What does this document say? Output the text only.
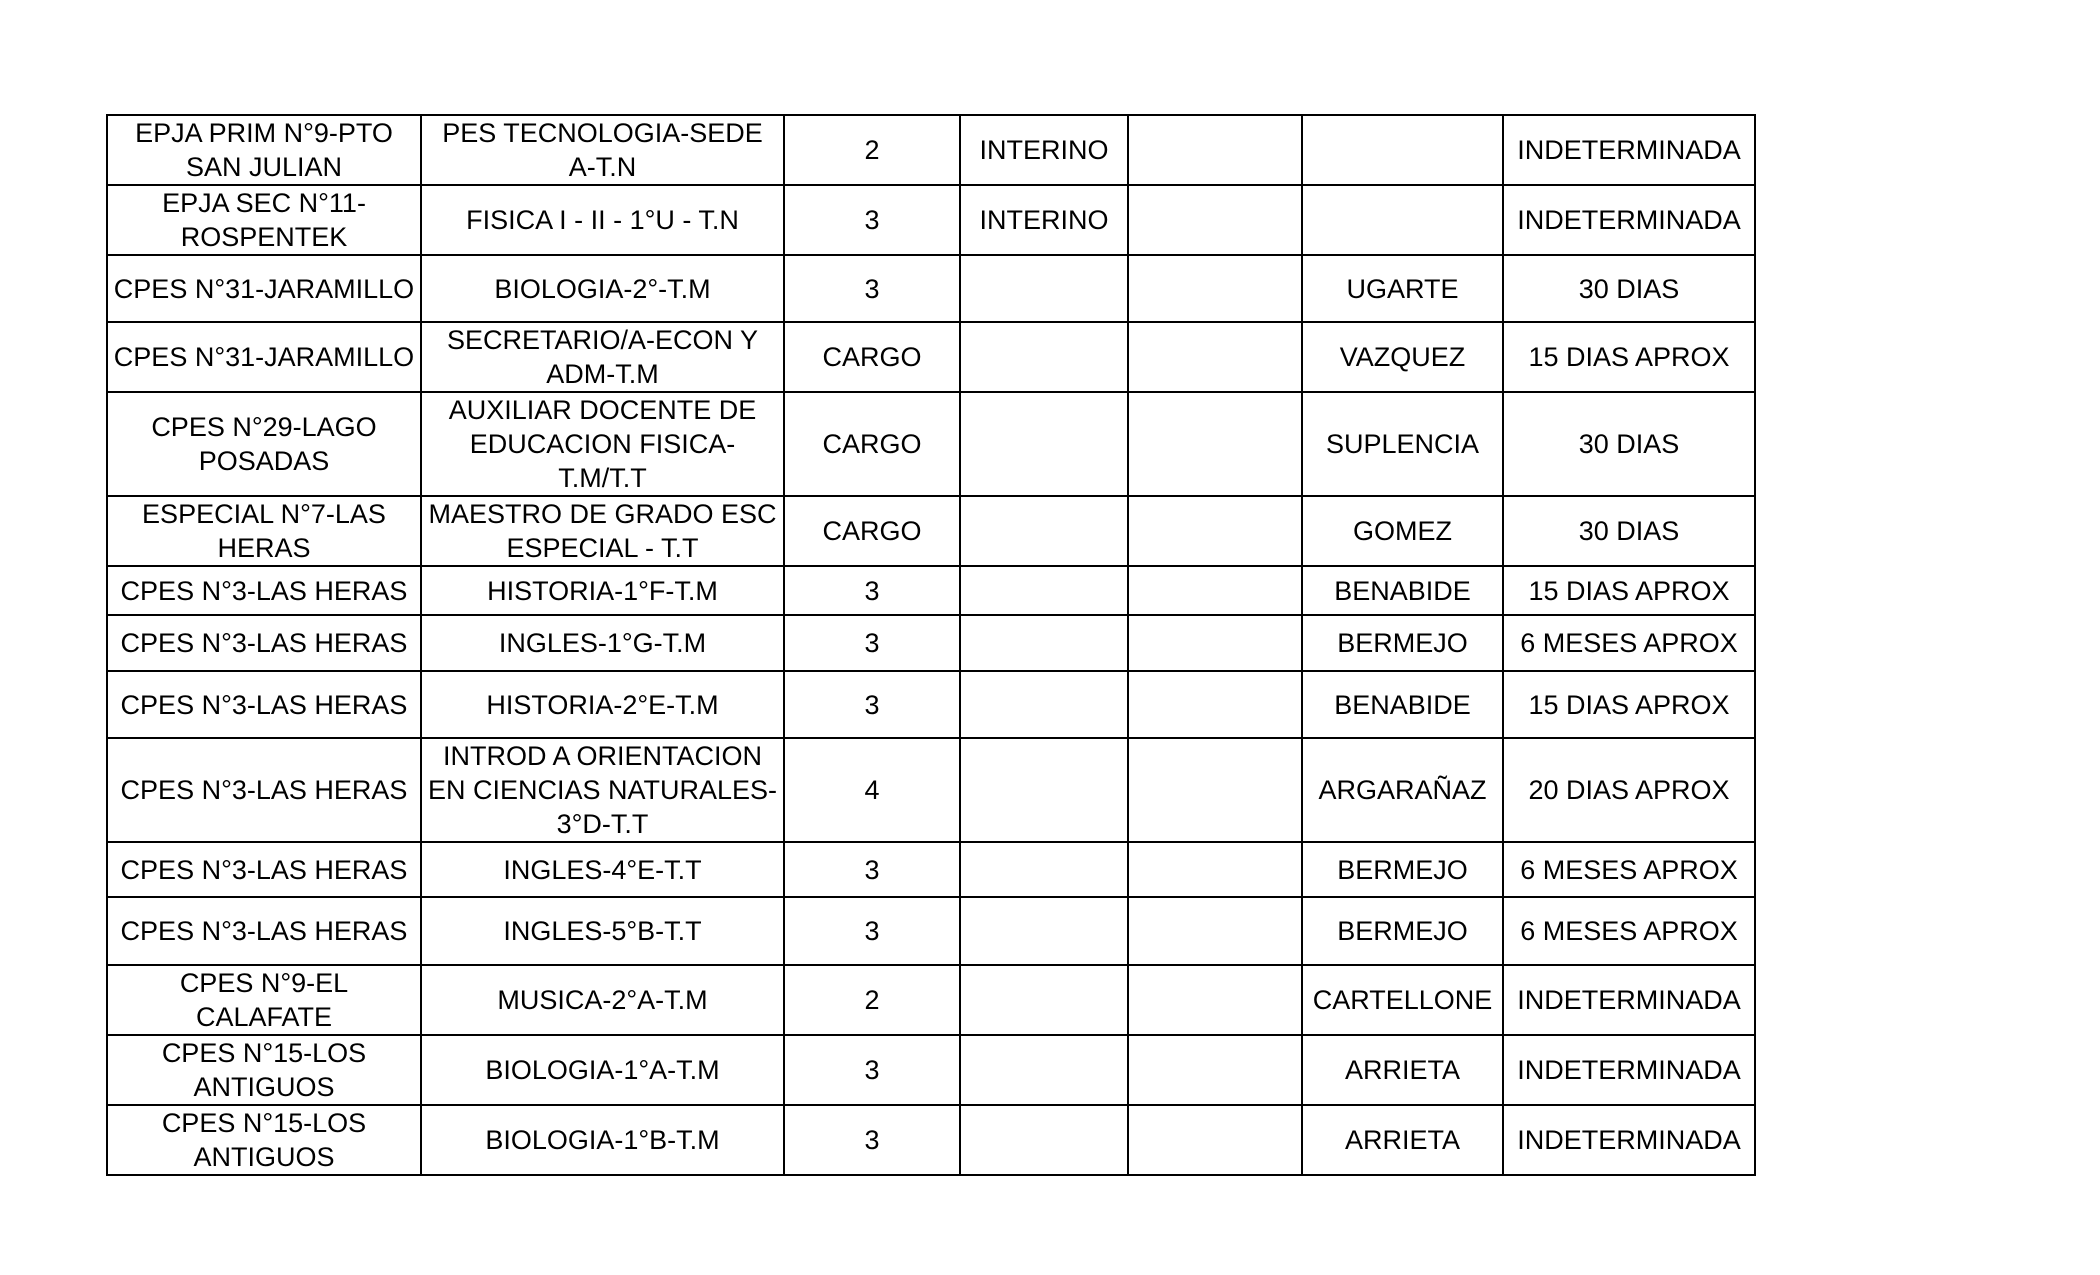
EPJA PRIM N°9-PTO SAN JULIAN	PES TECNOLOGIA-SEDE A-T.N	2	INTERINO			INDETERMINADA
EPJA SEC N°11-ROSPENTEK	FISICA I - II - 1°U - T.N	3	INTERINO			INDETERMINADA
CPES N°31-JARAMILLO	BIOLOGIA-2°-T.M	3			UGARTE	30 DIAS
CPES N°31-JARAMILLO	SECRETARIO/A-ECON Y ADM-T.M	CARGO			VAZQUEZ	15 DIAS APROX
CPES N°29-LAGO POSADAS	AUXILIAR DOCENTE DE EDUCACION FISICA-T.M/T.T	CARGO			SUPLENCIA	30 DIAS
ESPECIAL N°7-LAS HERAS	MAESTRO DE GRADO ESC ESPECIAL - T.T	CARGO			GOMEZ	30 DIAS
CPES N°3-LAS HERAS	HISTORIA-1°F-T.M	3			BENABIDE	15 DIAS APROX
CPES N°3-LAS HERAS	INGLES-1°G-T.M	3			BERMEJO	6 MESES APROX
CPES N°3-LAS HERAS	HISTORIA-2°E-T.M	3			BENABIDE	15 DIAS APROX
CPES N°3-LAS HERAS	INTROD A ORIENTACION EN CIENCIAS NATURALES-3°D-T.T	4			ARGARAÑAZ	20 DIAS APROX
CPES N°3-LAS HERAS	INGLES-4°E-T.T	3			BERMEJO	6 MESES APROX
CPES N°3-LAS HERAS	INGLES-5°B-T.T	3			BERMEJO	6 MESES APROX
CPES N°9-EL CALAFATE	MUSICA-2°A-T.M	2			CARTELLONE	INDETERMINADA
CPES N°15-LOS ANTIGUOS	BIOLOGIA-1°A-T.M	3			ARRIETA	INDETERMINADA
CPES N°15-LOS ANTIGUOS	BIOLOGIA-1°B-T.M	3			ARRIETA	INDETERMINADA
